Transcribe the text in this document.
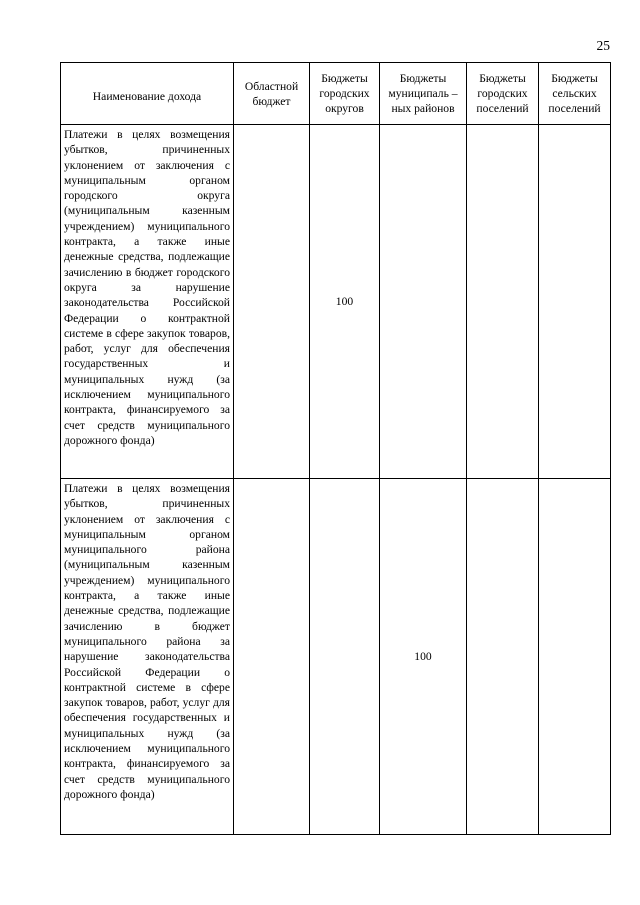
25
Наименование дохода	Областной бюджет	Бюджеты городских округов	Бюджеты муниципаль –ных районов	Бюджеты городских поселений	Бюджеты сельских поселений

Платежи в целях возмещения убытков, причиненных уклонением от заключения с муниципальным органом городского округа (муниципальным казенным учреждением) муниципального контракта, а также иные денежные средства, подлежащие зачислению в бюджет городского округа за нарушение законодательства Российской Федерации о контрактной системе в сфере закупок товаров, работ, услуг для обеспечения государственных и муниципальных нужд (за исключением муниципального контракта, финансируемого за счет средств муниципального дорожного фонда)		100			

Платежи в целях возмещения убытков, причиненных уклонением от заключения с муниципальным органом муниципального района (муниципальным казенным учреждением) муниципального контракта, а также иные денежные средства, подлежащие зачислению в бюджет муниципального района за нарушение законодательства Российской Федерации о контрактной системе в сфере закупок товаров, работ, услуг для обеспечения государственных и муниципальных нужд (за исключением муниципального контракта, финансируемого за счет средств муниципального дорожного фонда)			100		
